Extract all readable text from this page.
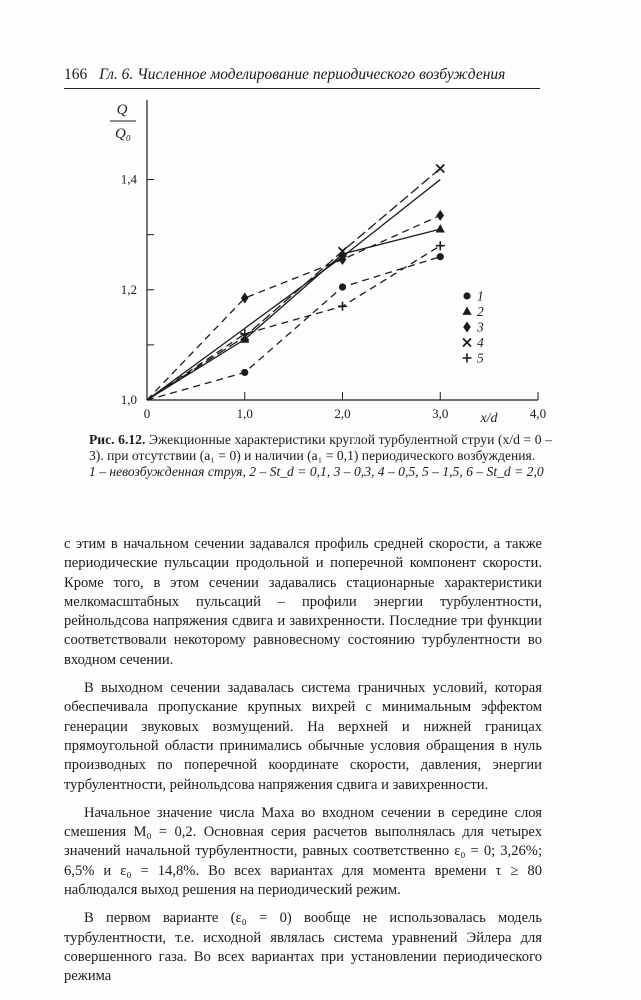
166 Гл. 6. Численное моделирование периодического возбуждения
0	1,0	2,0	3,0	4,0
1,0
1,2
1,4
Q
Q₀
x/d
1
2
3
4
5
Рис. 6.12. Эжекционные характеристики круглой турбулентной струи (x/d = 0 – 3). при отсутствии (a₁ = 0) и наличии (a₁ = 0,1) периодического возбуждения.
1 – невозбужденная струя, 2 – St_d = 0,1, 3 – 0,3, 4 – 0,5, 5 – 1,5, 6 – St_d = 2,0

с этим в начальном сечении задавался профиль средней скорости, а также периодические пульсации продольной и поперечной компонент скорости. Кроме того, в этом сечении задавались стационарные характеристики мелкомасштабных пульсаций – профили энергии турбулентности, рейнольдсова напряжения сдвига и завихренности. Последние три функции соответствовали некоторому равновесному состоянию турбулентности во входном сечении.

В выходном сечении задавалась система граничных условий, которая обеспечивала пропускание крупных вихрей с минимальным эффектом генерации звуковых возмущений. На верхней и нижней границах прямоугольной области принимались обычные условия обращения в нуль производных по поперечной координате скорости, давления, энергии турбулентности, рейнольдсова напряжения сдвига и завихренности.

Начальное значение числа Маха во входном сечении в середине слоя смешения M₀ = 0,2. Основная серия расчетов выполнялась для четырех значений начальной турбулентности, равных соответственно ε₀ = 0; 3,26%; 6,5% и ε₀ = 14,8%. Во всех вариантах для момента времени τ ≥ 80 наблюдался выход решения на периодический режим.

В первом варианте (ε₀ = 0) вообще не использовалась модель турбулентности, т.е. исходной являлась система уравнений Эйлера для совершенного газа. Во всех вариантах при установлении периодического режима
